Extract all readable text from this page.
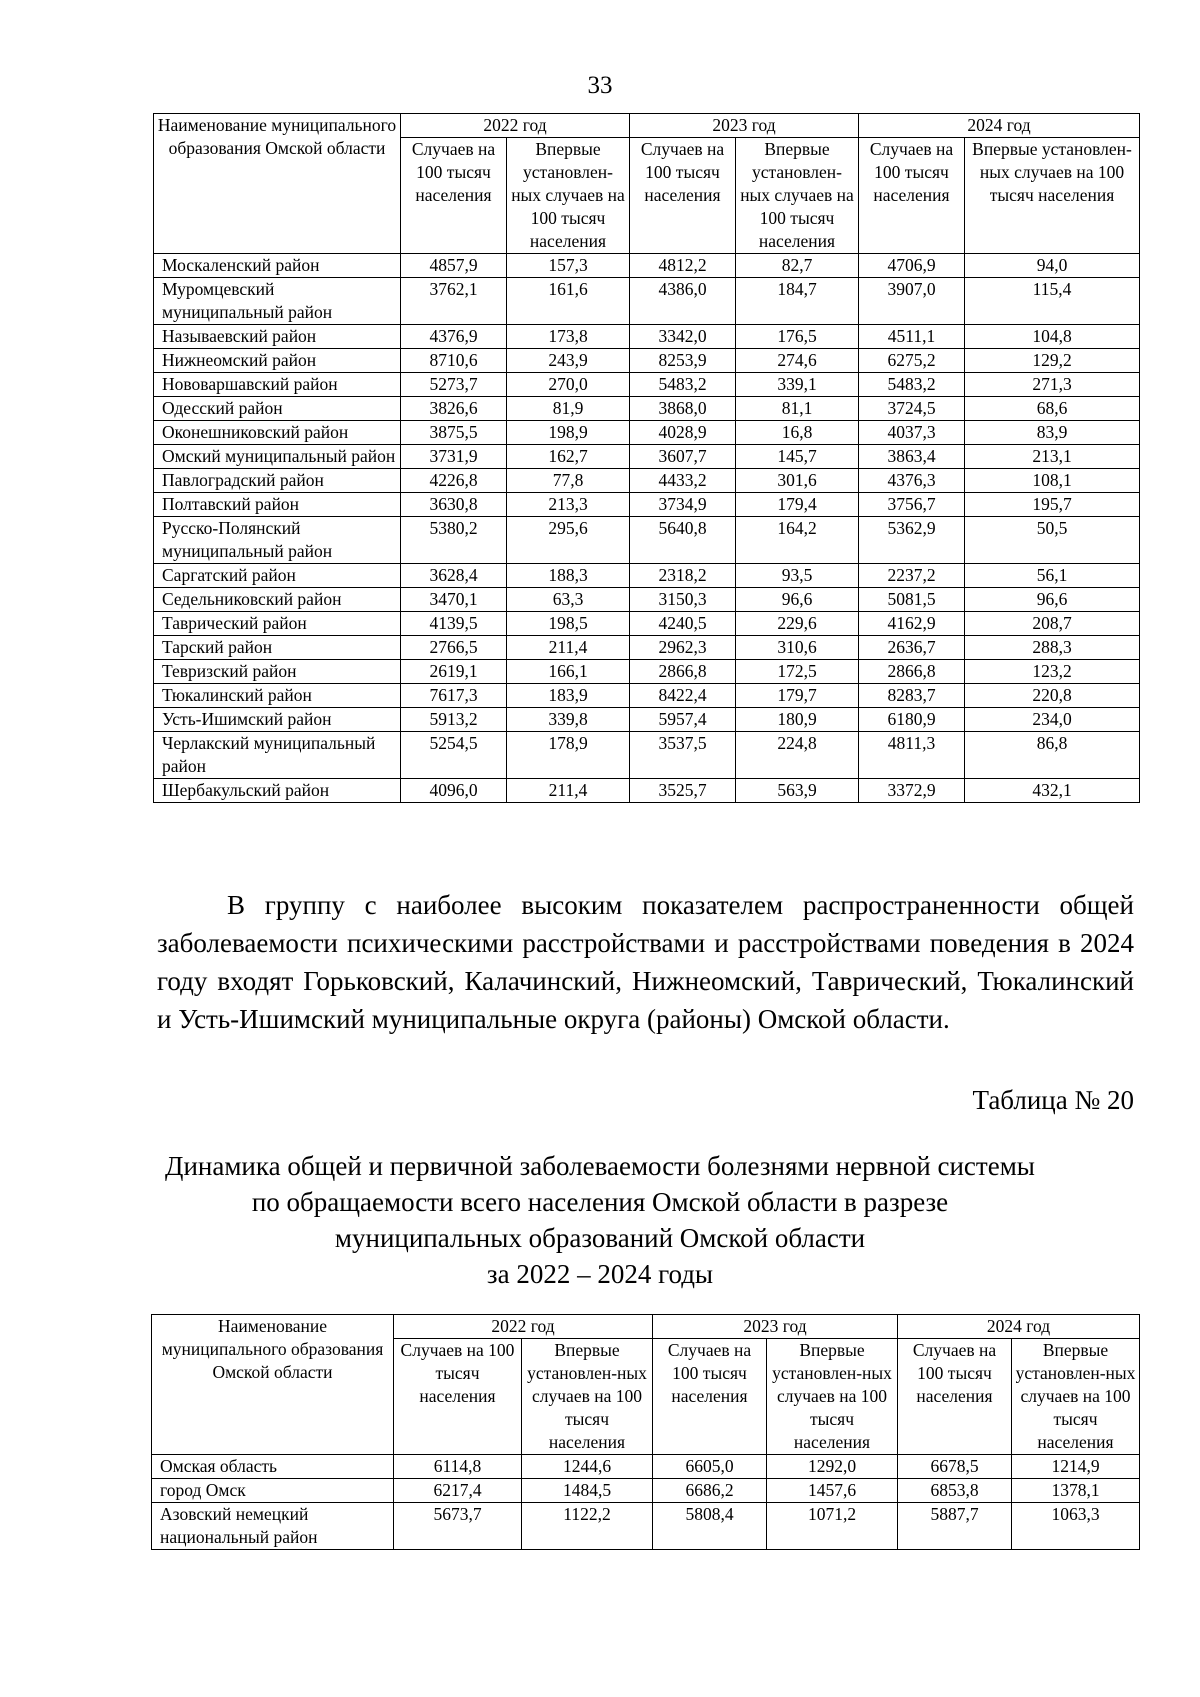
33
Наименование муниципального образования Омской области	2022 год		2023 год		2024 год	
	Случаев на 100 тысяч населения	Впервые установлен-ных случаев на 100 тысяч населения	Случаев на 100 тысяч населения	Впервые установлен-ных случаев на 100 тысяч населения	Случаев на 100 тысяч населения	Впервые установлен-ных случаев на 100 тысяч населения
Москаленский район	4857,9	157,3	4812,2	82,7	4706,9	94,0
Муромцевский муниципальный район	3762,1	161,6	4386,0	184,7	3907,0	115,4
Называевский район	4376,9	173,8	3342,0	176,5	4511,1	104,8
Нижнеомский район	8710,6	243,9	8253,9	274,6	6275,2	129,2
Нововаршавский район	5273,7	270,0	5483,2	339,1	5483,2	271,3
Одесский район	3826,6	81,9	3868,0	81,1	3724,5	68,6
Оконешниковский район	3875,5	198,9	4028,9	16,8	4037,3	83,9
Омский муниципальный район	3731,9	162,7	3607,7	145,7	3863,4	213,1
Павлоградский район	4226,8	77,8	4433,2	301,6	4376,3	108,1
Полтавский район	3630,8	213,3	3734,9	179,4	3756,7	195,7
Русско-Полянский муниципальный район	5380,2	295,6	5640,8	164,2	5362,9	50,5
Саргатский район	3628,4	188,3	2318,2	93,5	2237,2	56,1
Седельниковский район	3470,1	63,3	3150,3	96,6	5081,5	96,6
Таврический район	4139,5	198,5	4240,5	229,6	4162,9	208,7
Тарский район	2766,5	211,4	2962,3	310,6	2636,7	288,3
Тевризский район	2619,1	166,1	2866,8	172,5	2866,8	123,2
Тюкалинский район	7617,3	183,9	8422,4	179,7	8283,7	220,8
Усть-Ишимский район	5913,2	339,8	5957,4	180,9	6180,9	234,0
Черлакский муниципальный район	5254,5	178,9	3537,5	224,8	4811,3	86,8
Шербакульский район	4096,0	211,4	3525,7	563,9	3372,9	432,1

В группу с наиболее высоким показателем распространенности общей заболеваемости психическими расстройствами и расстройствами поведения в 2024 году входят Горьковский, Калачинский, Нижнеомский, Таврический, Тюкалинский и Усть-Ишимский муниципальные округа (районы) Омской области.

Таблица № 20
Динамика общей и первичной заболеваемости болезнями нервной системы
по обращаемости всего населения Омской области в разрезе
муниципальных образований Омской области
за 2022 – 2024 годы
Наименование муниципального образования Омской области	2022 год		2023 год		2024 год	
	Случаев на 100 тысяч населения	Впервые установлен-ных случаев на 100 тысяч населения	Случаев на 100 тысяч населения	Впервые установлен-ных случаев на 100 тысяч населения	Случаев на 100 тысяч населения	Впервые установлен-ных случаев на 100 тысяч населения
Омская область	6114,8	1244,6	6605,0	1292,0	6678,5	1214,9
город Омск	6217,4	1484,5	6686,2	1457,6	6853,8	1378,1
Азовский немецкий национальный район	5673,7	1122,2	5808,4	1071,2	5887,7	1063,3
